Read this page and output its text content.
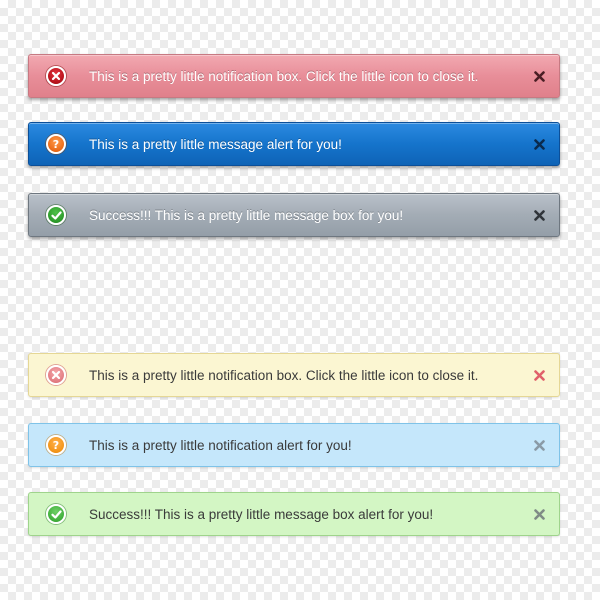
This is a pretty little notification box. Click the little icon to close it.
? This is a pretty little message alert for you!
Success!!! This is a pretty little message box for you!
This is a pretty little notification box. Click the little icon to close it.
? This is a pretty little notification alert for you!
Success!!! This is a pretty little message box alert for you!
